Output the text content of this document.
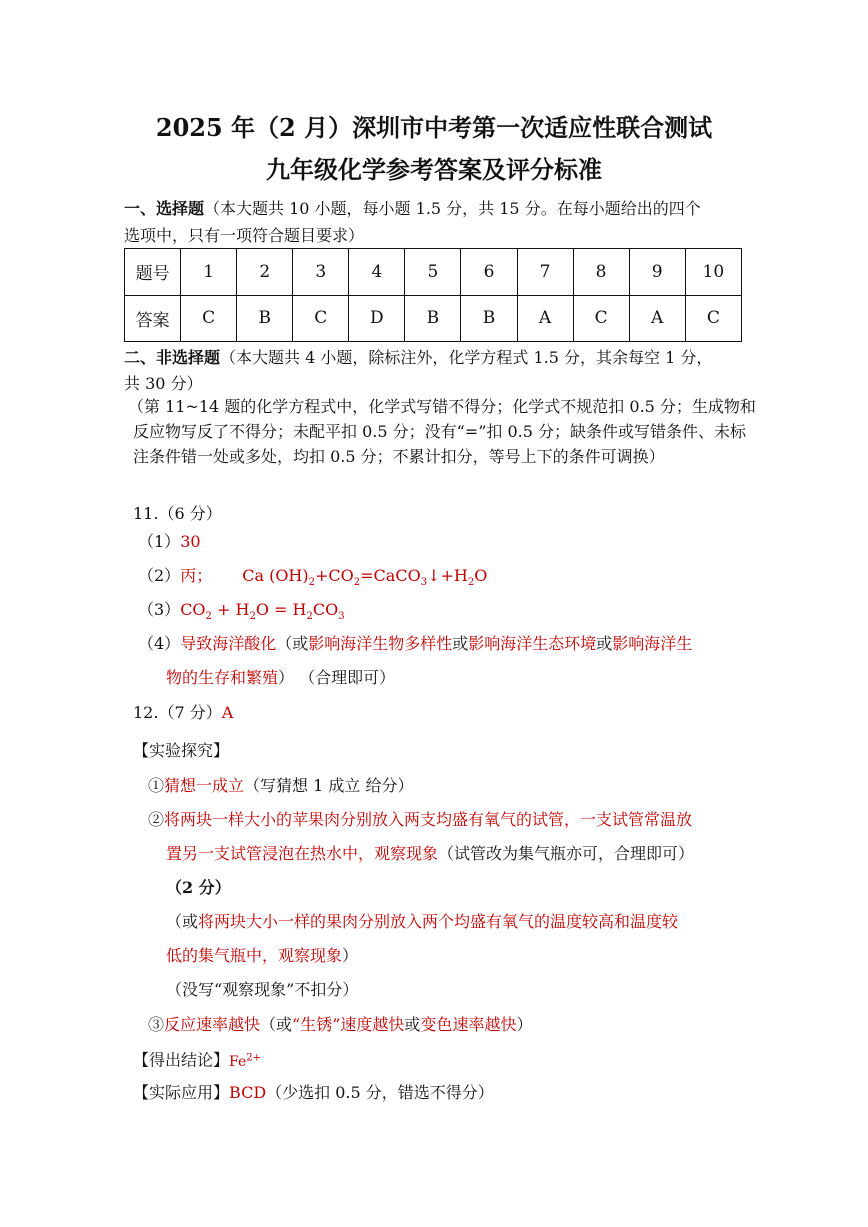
2025 年（2 月）深圳市中考第一次适应性联合测试
九年级化学参考答案及评分标准
一、选择题（本大题共 10 小题，每小题 1.5 分，共 15 分。在每小题给出的四个
选项中，只有一项符合题目要求）
题号	1	2	3	4	5	6	7	8	9	10
答案	C	B	C	D	B	B	A	C	A	C
二、非选择题（本大题共 4 小题，除标注外，化学方程式 1.5 分，其余每空 1 分，
共 30 分）
（第 11~14 题的化学方程式中，化学式写错不得分；化学式不规范扣 0.5 分；生成物和
反应物写反了不得分；未配平扣 0.5 分；没有“=”扣 0.5 分；缺条件或写错条件、未标
注条件错一处或多处，均扣 0.5 分；不累计扣分，等号上下的条件可调换）
11.（6 分）
（1）30
（2）丙； Ca $(OH)_2+CO_2=CaCO_3↓+H_2O$
$(3)CO_2 + H_2O = H_2CO_3$
（4）导致海洋酸化（或影响海洋生物多样性或影响海洋生态环境或影响海洋生
物的生存和繁殖） （合理即可）
12.（7 分）A
【实验探究】
①猜想一成立（写猜想 1 成立 给分）
②将两块一样大小的苹果肉分别放入两支均盛有氧气的试管，一支试管常温放
置另一支试管浸泡在热水中，观察现象（试管改为集气瓶亦可，合理即可）
（2 分）
（或将两块大小一样的果肉分别放入两个均盛有氧气的温度较高和温度较
低的集气瓶中，观察现象）
（没写“观察现象”不扣分）
③反应速率越快（或“生锈”速度越快或变色速率越快）
【得出结论】$Fe^{2+}$
【实际应用】BCD（少选扣 0.5 分，错选不得分）
